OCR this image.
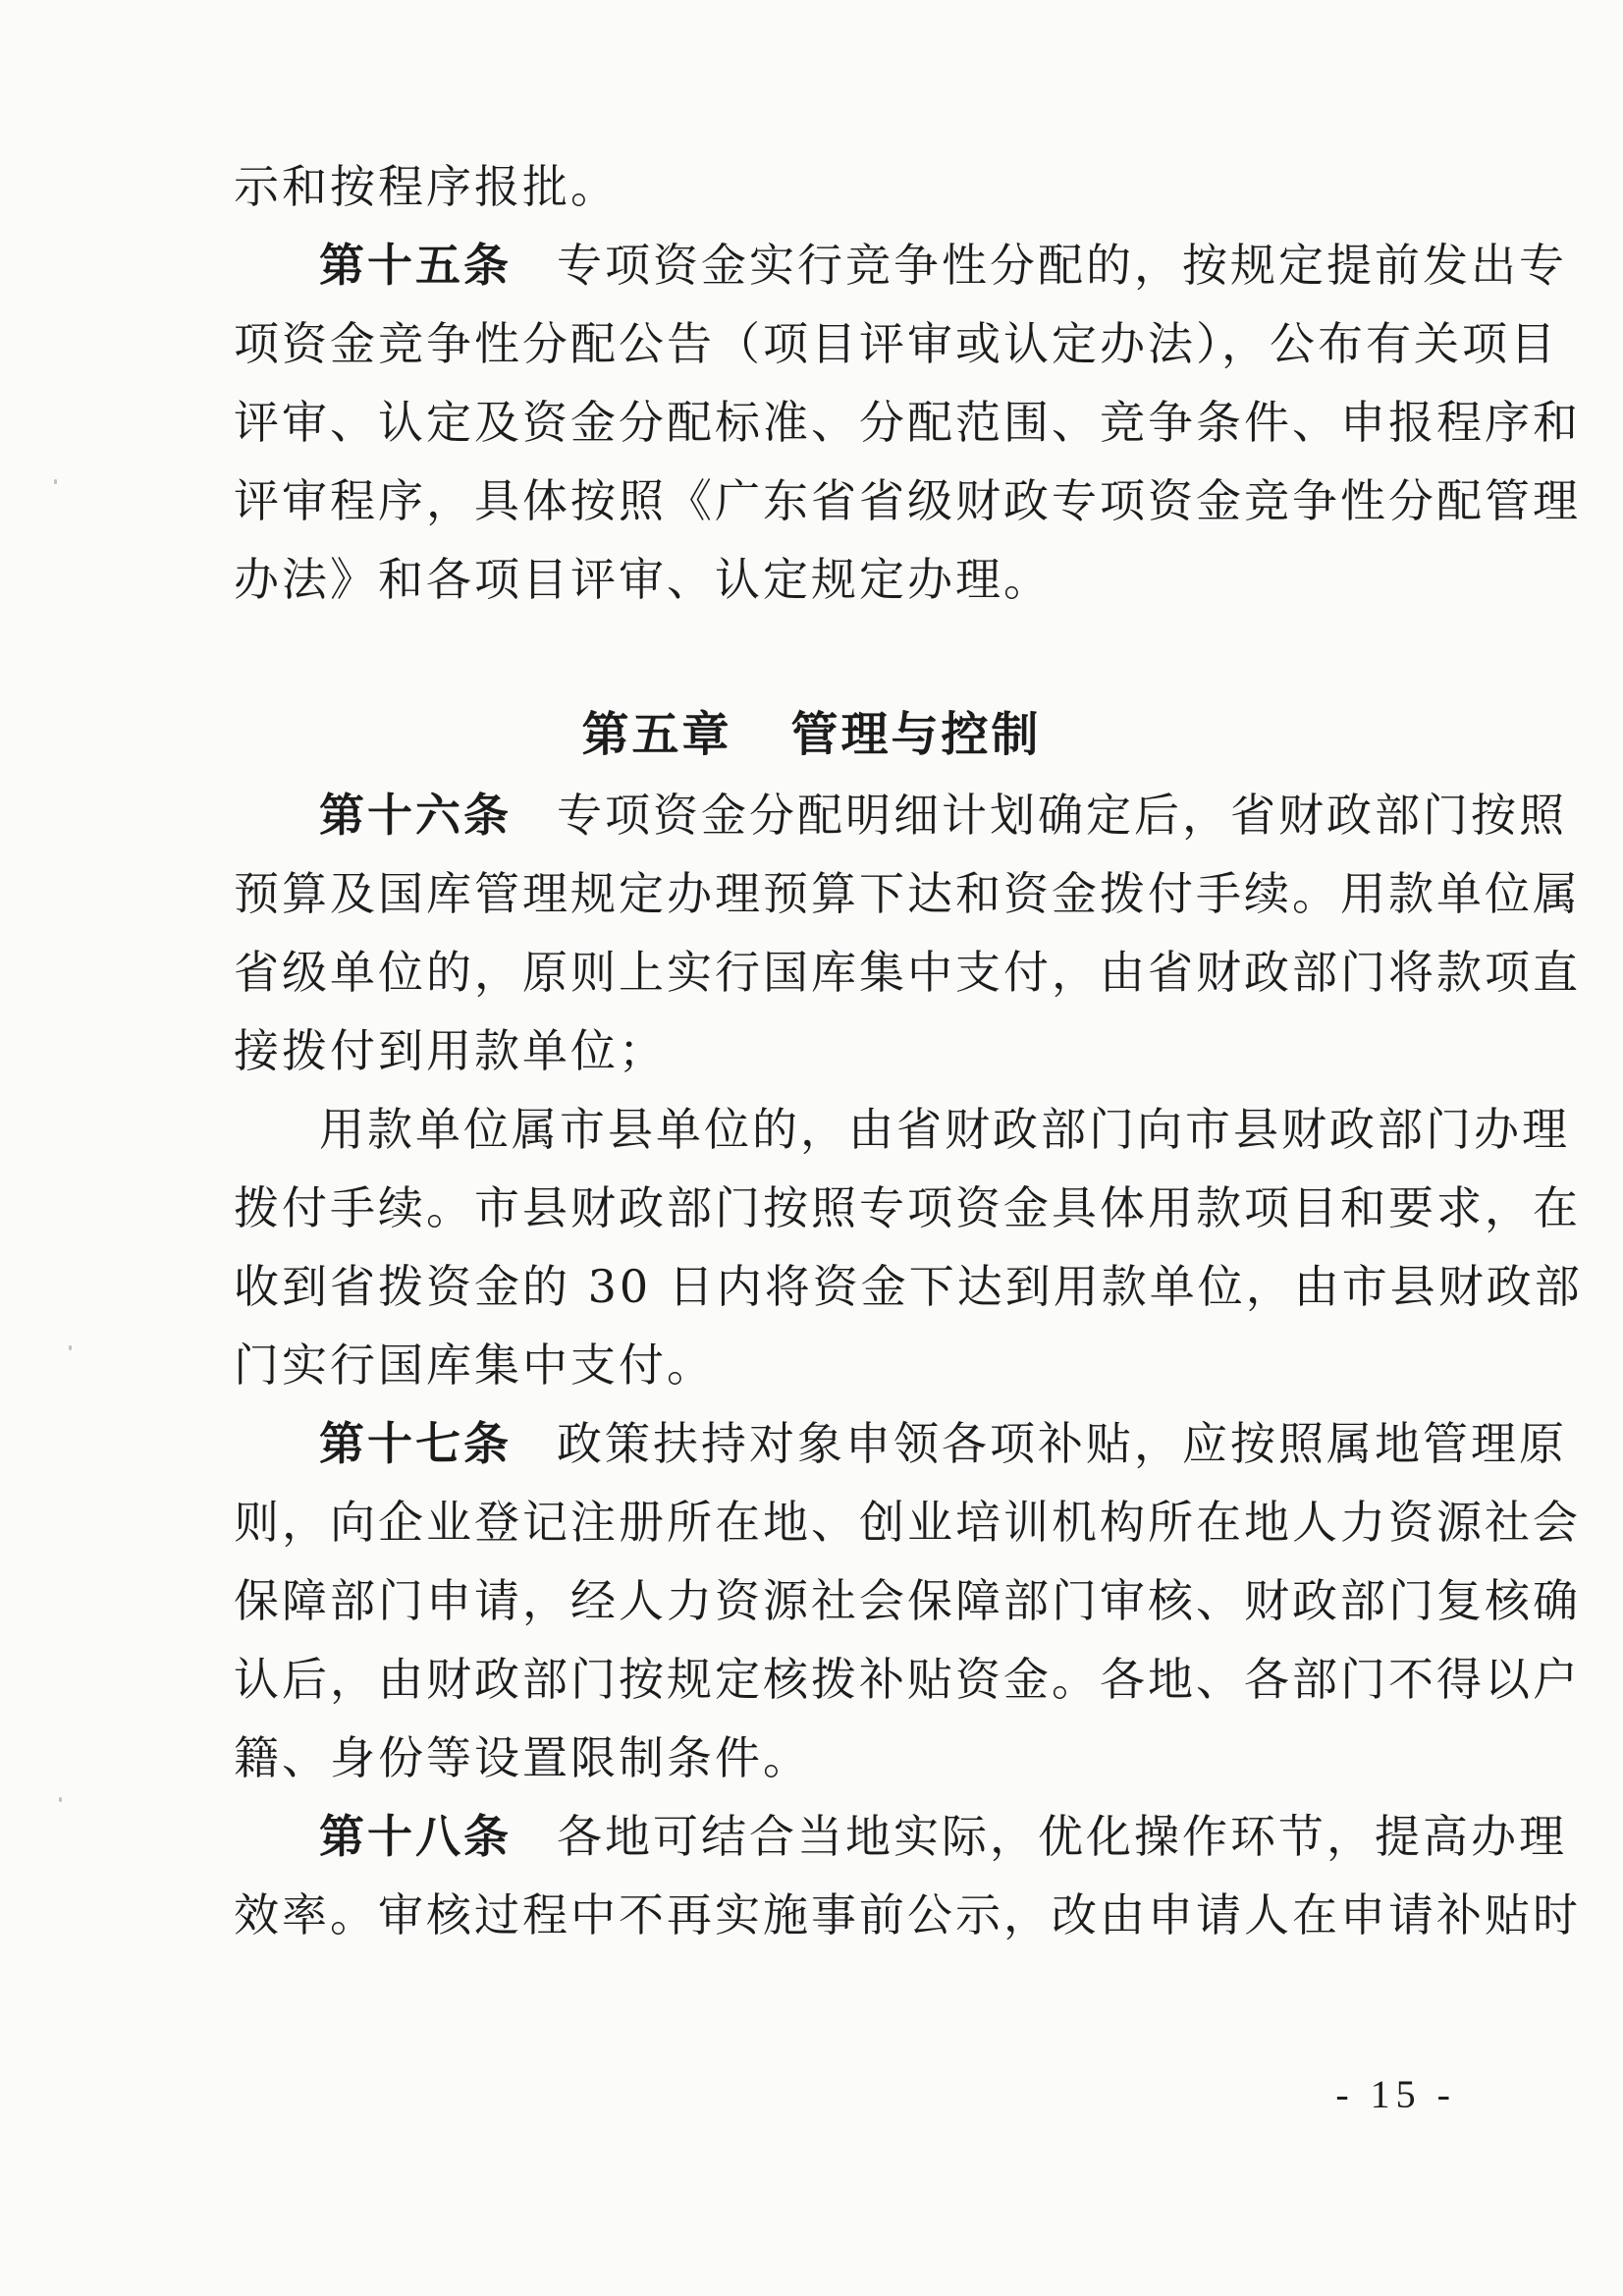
示和按程序报批。
第十五条 专项资金实行竞争性分配的，按规定提前发出专
项资金竞争性分配公告（项目评审或认定办法），公布有关项目
评审、认定及资金分配标准、分配范围、竞争条件、申报程序和
评审程序，具体按照《广东省省级财政专项资金竞争性分配管理
办法》和各项目评审、认定规定办理。
第五章 管理与控制
第十六条 专项资金分配明细计划确定后，省财政部门按照
预算及国库管理规定办理预算下达和资金拨付手续。用款单位属
省级单位的，原则上实行国库集中支付，由省财政部门将款项直
接拨付到用款单位；
用款单位属市县单位的，由省财政部门向市县财政部门办理
拨付手续。市县财政部门按照专项资金具体用款项目和要求，在
收到省拨资金的 30 日内将资金下达到用款单位，由市县财政部
门实行国库集中支付。
第十七条 政策扶持对象申领各项补贴，应按照属地管理原
则，向企业登记注册所在地、创业培训机构所在地人力资源社会
保障部门申请，经人力资源社会保障部门审核、财政部门复核确
认后，由财政部门按规定核拨补贴资金。各地、各部门不得以户
籍、身份等设置限制条件。
第十八条 各地可结合当地实际，优化操作环节，提高办理
效率。审核过程中不再实施事前公示，改由申请人在申请补贴时
- 15 -
